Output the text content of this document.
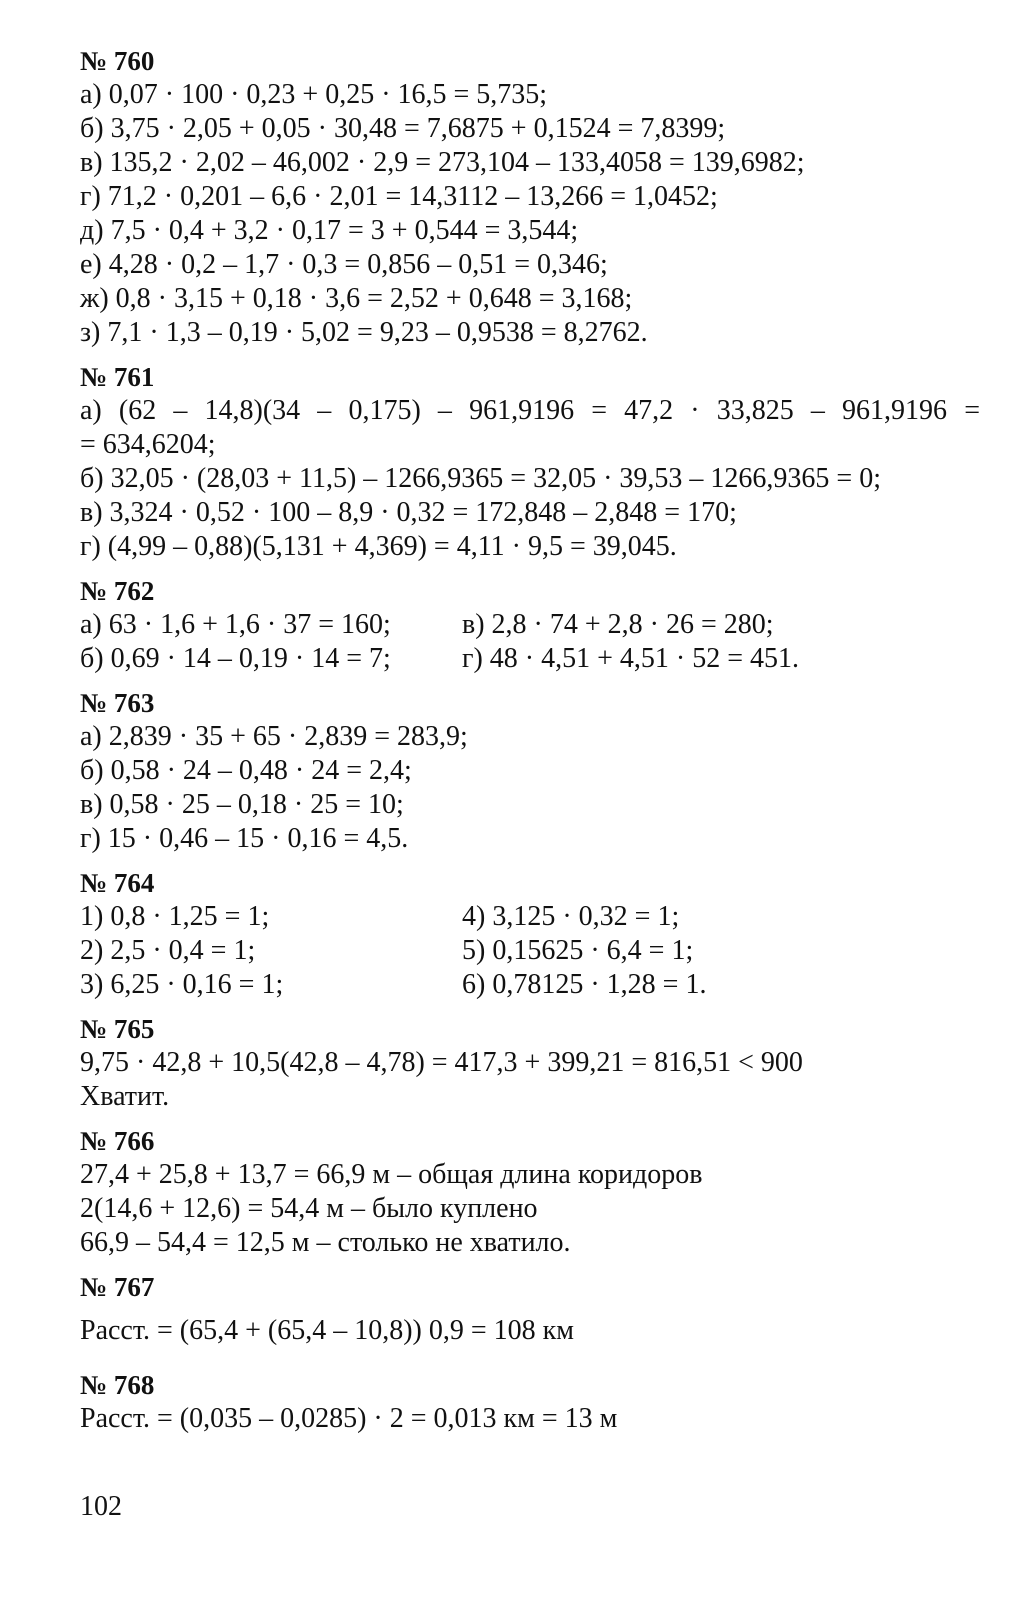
№ 760
а) 0,07 · 100 · 0,23 + 0,25 · 16,5 = 5,735;
б) 3,75 · 2,05 + 0,05 · 30,48 = 7,6875 + 0,1524 = 7,8399;
в) 135,2 · 2,02 – 46,002 · 2,9 = 273,104 – 133,4058 = 139,6982;
г) 71,2 · 0,201 – 6,6 · 2,01 = 14,3112 – 13,266 = 1,0452;
д) 7,5 · 0,4 + 3,2 · 0,17 = 3 + 0,544 = 3,544;
е) 4,28 · 0,2 – 1,7 · 0,3 = 0,856 – 0,51 = 0,346;
ж) 0,8 · 3,15 + 0,18 · 3,6 = 2,52 + 0,648 = 3,168;
з) 7,1 · 1,3 – 0,19 · 5,02 = 9,23 – 0,9538 = 8,2762.
№ 761
а) (62 – 14,8)(34 – 0,175) – 961,9196 = 47,2 · 33,825 – 961,9196 =
= 634,6204;
б) 32,05 · (28,03 + 11,5) – 1266,9365 = 32,05 · 39,53 – 1266,9365 = 0;
в) 3,324 · 0,52 · 100 – 8,9 · 0,32 = 172,848 – 2,848 = 170;
г) (4,99 – 0,88)(5,131 + 4,369) = 4,11 · 9,5 = 39,045.
№ 762
а) 63 · 1,6 + 1,6 · 37 = 160;	в) 2,8 · 74 + 2,8 · 26 = 280;
б) 0,69 · 14 – 0,19 · 14 = 7;	г) 48 · 4,51 + 4,51 · 52 = 451.
№ 763
а) 2,839 · 35 + 65 · 2,839 = 283,9;
б) 0,58 · 24 – 0,48 · 24 = 2,4;
в) 0,58 · 25 – 0,18 · 25 = 10;
г) 15 · 0,46 – 15 · 0,16 = 4,5.
№ 764
1) 0,8 · 1,25 = 1;	4) 3,125 · 0,32 = 1;
2) 2,5 · 0,4 = 1;	5) 0,15625 · 6,4 = 1;
3) 6,25 · 0,16 = 1;	6) 0,78125 · 1,28 = 1.
№ 765
9,75 · 42,8 + 10,5(42,8 – 4,78) = 417,3 + 399,21 = 816,51 < 900
Хватит.
№ 766
27,4 + 25,8 + 13,7 = 66,9 м – общая длина коридоров
2(14,6 + 12,6) = 54,4 м – было куплено
66,9 – 54,4 = 12,5 м – столько не хватило.
№ 767
Расст. = (65,4 + (65,4 – 10,8)) 0,9 = 108 км
№ 768
Расст. = (0,035 – 0,0285) · 2 = 0,013 км = 13 м
102
